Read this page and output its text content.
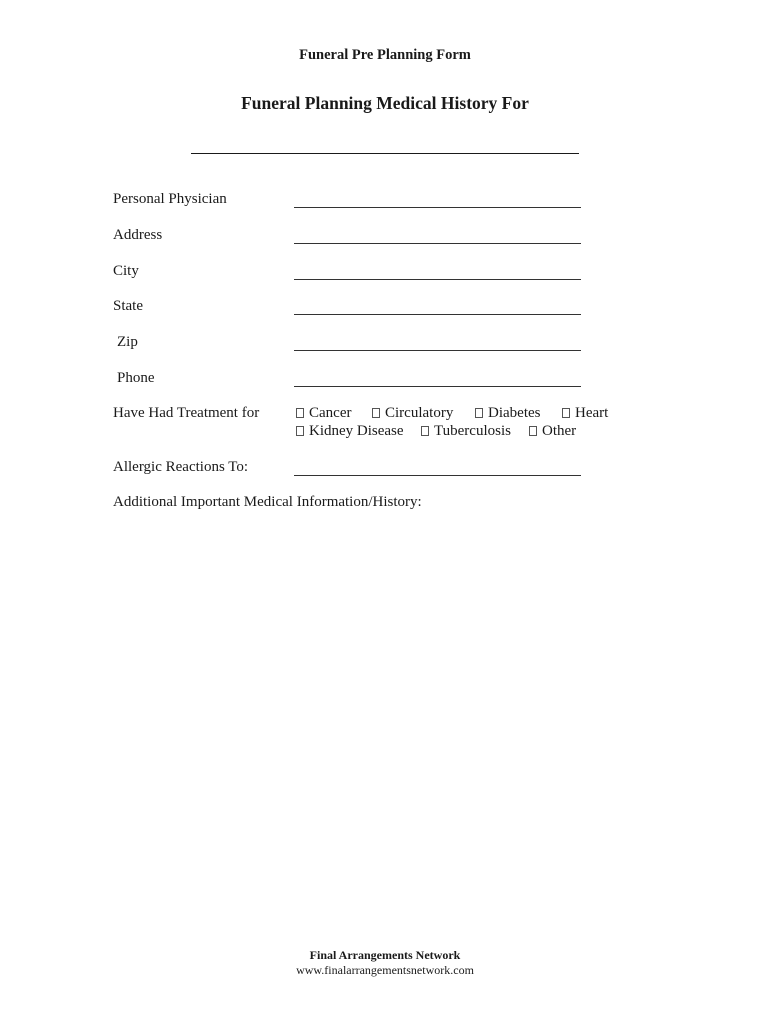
Funeral Pre Planning Form
Funeral Planning Medical History For
Personal Physician
Address
City
State
Zip
Phone
Have Had Treatment for	Cancer	Circulatory	Diabetes	Heart
Kidney Disease	Tuberculosis	Other
Allergic Reactions To:
Additional Important Medical Information/History:
Final Arrangements Network
www.finalarrangementsnetwork.com
